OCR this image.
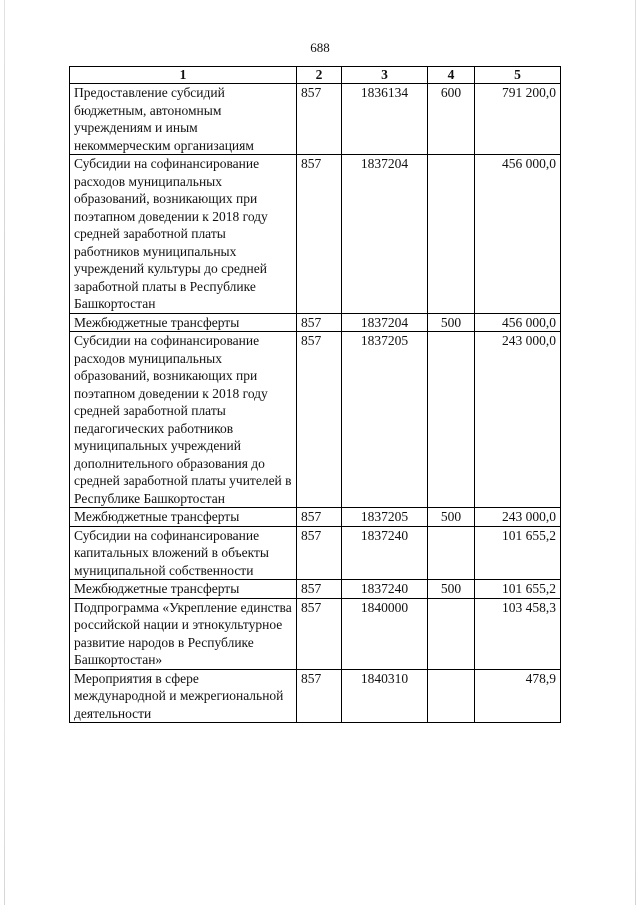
688
1	2	3	4	5
Предоставление субсидий бюджетным, автономным учреждениям и иным некоммерческим организациям	857	1836134	600	791 200,0
Субсидии на софинансирование расходов муниципальных образований, возникающих при поэтапном доведении к 2018 году средней заработной платы работников муниципальных учреждений культуры до средней заработной платы в Республике Башкортостан	857	1837204		456 000,0
Межбюджетные трансферты	857	1837204	500	456 000,0
Субсидии на софинансирование расходов муниципальных образований, возникающих при поэтапном доведении к 2018 году средней заработной платы педагогических работников муниципальных учреждений дополнительного образования до средней заработной платы учителей в Республике Башкортостан	857	1837205		243 000,0
Межбюджетные трансферты	857	1837205	500	243 000,0
Субсидии на софинансирование капитальных вложений в объекты муниципальной собственности	857	1837240		101 655,2
Межбюджетные трансферты	857	1837240	500	101 655,2
Подпрограмма «Укрепление единства российской нации и этнокультурное развитие народов в Республике Башкортостан»	857	1840000		103 458,3
Мероприятия в сфере международной и межрегиональной деятельности	857	1840310		478,9
